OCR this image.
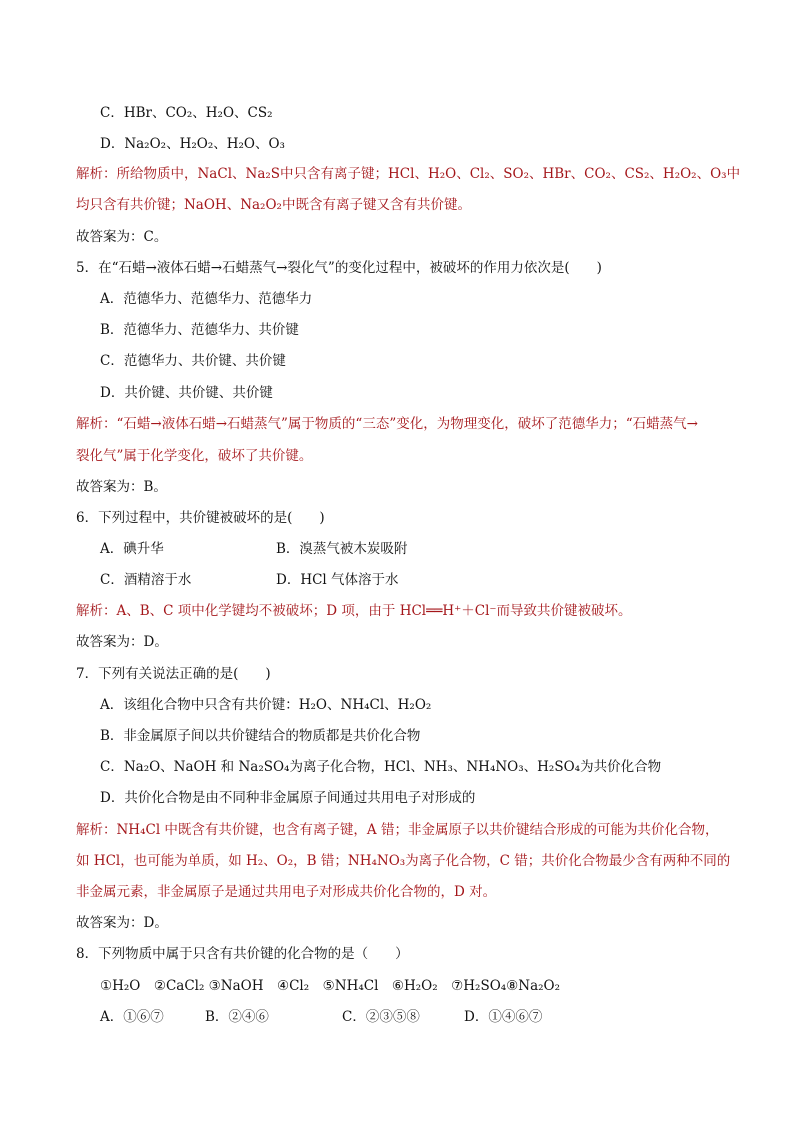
C．HBr、CO₂、H₂O、CS₂
D．Na₂O₂、H₂O₂、H₂O、O₃
解析：所给物质中，NaCl、Na₂S中只含有离子键；HCl、H₂O、Cl₂、SO₂、HBr、CO₂、CS₂、H₂O₂、O₃中
均只含有共价键；NaOH、Na₂O₂中既含有离子键又含有共价键。
故答案为：C。
5．在“石蜡→液体石蜡→石蜡蒸气→裂化气”的变化过程中，被破坏的作用力依次是(　　)
A．范德华力、范德华力、范德华力
B．范德华力、范德华力、共价键
C．范德华力、共价键、共价键
D．共价键、共价键、共价键
解析：“石蜡→液体石蜡→石蜡蒸气”属于物质的“三态”变化，为物理变化，破坏了范德华力；“石蜡蒸气→
裂化气”属于化学变化，破坏了共价键。
故答案为：B。
6．下列过程中，共价键被破坏的是(　　)
A．碘升华	B．溴蒸气被木炭吸附
C．酒精溶于水	D．HCl 气体溶于水
解析：A、B、C 项中化学键均不被破坏；D 项，由于 HCl══H⁺＋Cl⁻而导致共价键被破坏。
故答案为：D。
7．下列有关说法正确的是(　　)
A．该组化合物中只含有共价键：H₂O、NH₄Cl、H₂O₂
B．非金属原子间以共价键结合的物质都是共价化合物
C．Na₂O、NaOH 和 Na₂SO₄为离子化合物，HCl、NH₃、NH₄NO₃、H₂SO₄为共价化合物
D．共价化合物是由不同种非金属原子间通过共用电子对形成的
解析：NH₄Cl 中既含有共价键，也含有离子键，A 错；非金属原子以共价键结合形成的可能为共价化合物，
如 HCl，也可能为单质，如 H₂、O₂，B 错；NH₄NO₃为离子化合物，C 错；共价化合物最少含有两种不同的
非金属元素，非金属原子是通过共用电子对形成共价化合物的，D 对。
故答案为：D。
8．下列物质中属于只含有共价键的化合物的是（　　）
①H₂O　②CaCl₂ ③NaOH　④Cl₂　⑤NH₄Cl　⑥H₂O₂　⑦H₂SO₄⑧Na₂O₂
A．①⑥⑦	B．②④⑥	C．②③⑤⑧	D．①④⑥⑦
